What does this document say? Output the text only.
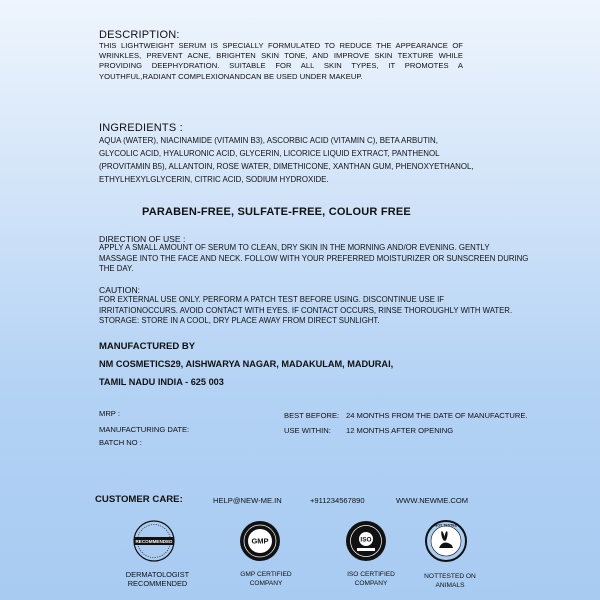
DESCRIPTION:
THIS LIGHTWEIGHT SERUM IS SPECIALLY FORMULATED TO REDUCE THE APPEARANCE OF WRINKLES, PREVENT ACNE, BRIGHTEN SKIN TONE, AND IMPROVE SKIN TEXTURE WHILE PROVIDING DEEPHYDRATION. SUITABLE FOR ALL SKIN TYPES, IT PROMOTES A YOUTHFUL,RADIANT COMPLEXIONANDCAN BE USED UNDER MAKEUP.
INGREDIENTS :
AQUA (WATER), NIACINAMIDE (VITAMIN B3), ASCORBIC ACID (VITAMIN C), BETA ARBUTIN, GLYCOLIC ACID, HYALURONIC ACID, GLYCERIN, LICORICE LIQUID EXTRACT, PANTHENOL (PROVITAMIN B5), ALLANTOIN, ROSE WATER, DIMETHICONE, XANTHAN GUM, PHENOXYETHANOL, ETHYLHEXYLGLYCERIN, CITRIC ACID, SODIUM HYDROXIDE.
PARABEN-FREE, SULFATE-FREE, COLOUR FREE
DIRECTION OF USE :
APPLY A SMALL AMOUNT OF SERUM TO CLEAN, DRY SKIN IN THE MORNING AND/OR EVENING. GENTLY MASSAGE INTO THE FACE AND NECK. FOLLOW WITH YOUR PREFERRED MOISTURIZER OR SUNSCREEN DURING THE DAY.
CAUTION:
FOR EXTERNAL USE ONLY. PERFORM A PATCH TEST BEFORE USING. DISCONTINUE USE IF IRRITATIONOCCURS. AVOID CONTACT WITH EYES. IF CONTACT OCCURS, RINSE THOROUGHLY WITH WATER. STORAGE: STORE IN A COOL, DRY PLACE AWAY FROM DIRECT SUNLIGHT.
MANUFACTURED BY
NM COSMETICS29, AISHWARYA NAGAR, MADAKULAM, MADURAI,
TAMIL NADU INDIA - 625 003
MRP :
MANUFACTURING DATE:
BATCH NO :
BEST BEFORE: 24 MONTHS FROM THE DATE OF MANUFACTURE.
USE WITHIN: 12 MONTHS AFTER OPENING
CUSTOMER CARE:	HELP@NEW-ME.IN	+911234567890	WWW.NEWME.COM
RECOMMENDED
DERMATOLOGIST RECOMMENDED
GMP
GMP CERTIFIED COMPANY
ISO
ISO CERTIFIED COMPANY
NOT TESTED
NOTTESTED ON ANIMALS
